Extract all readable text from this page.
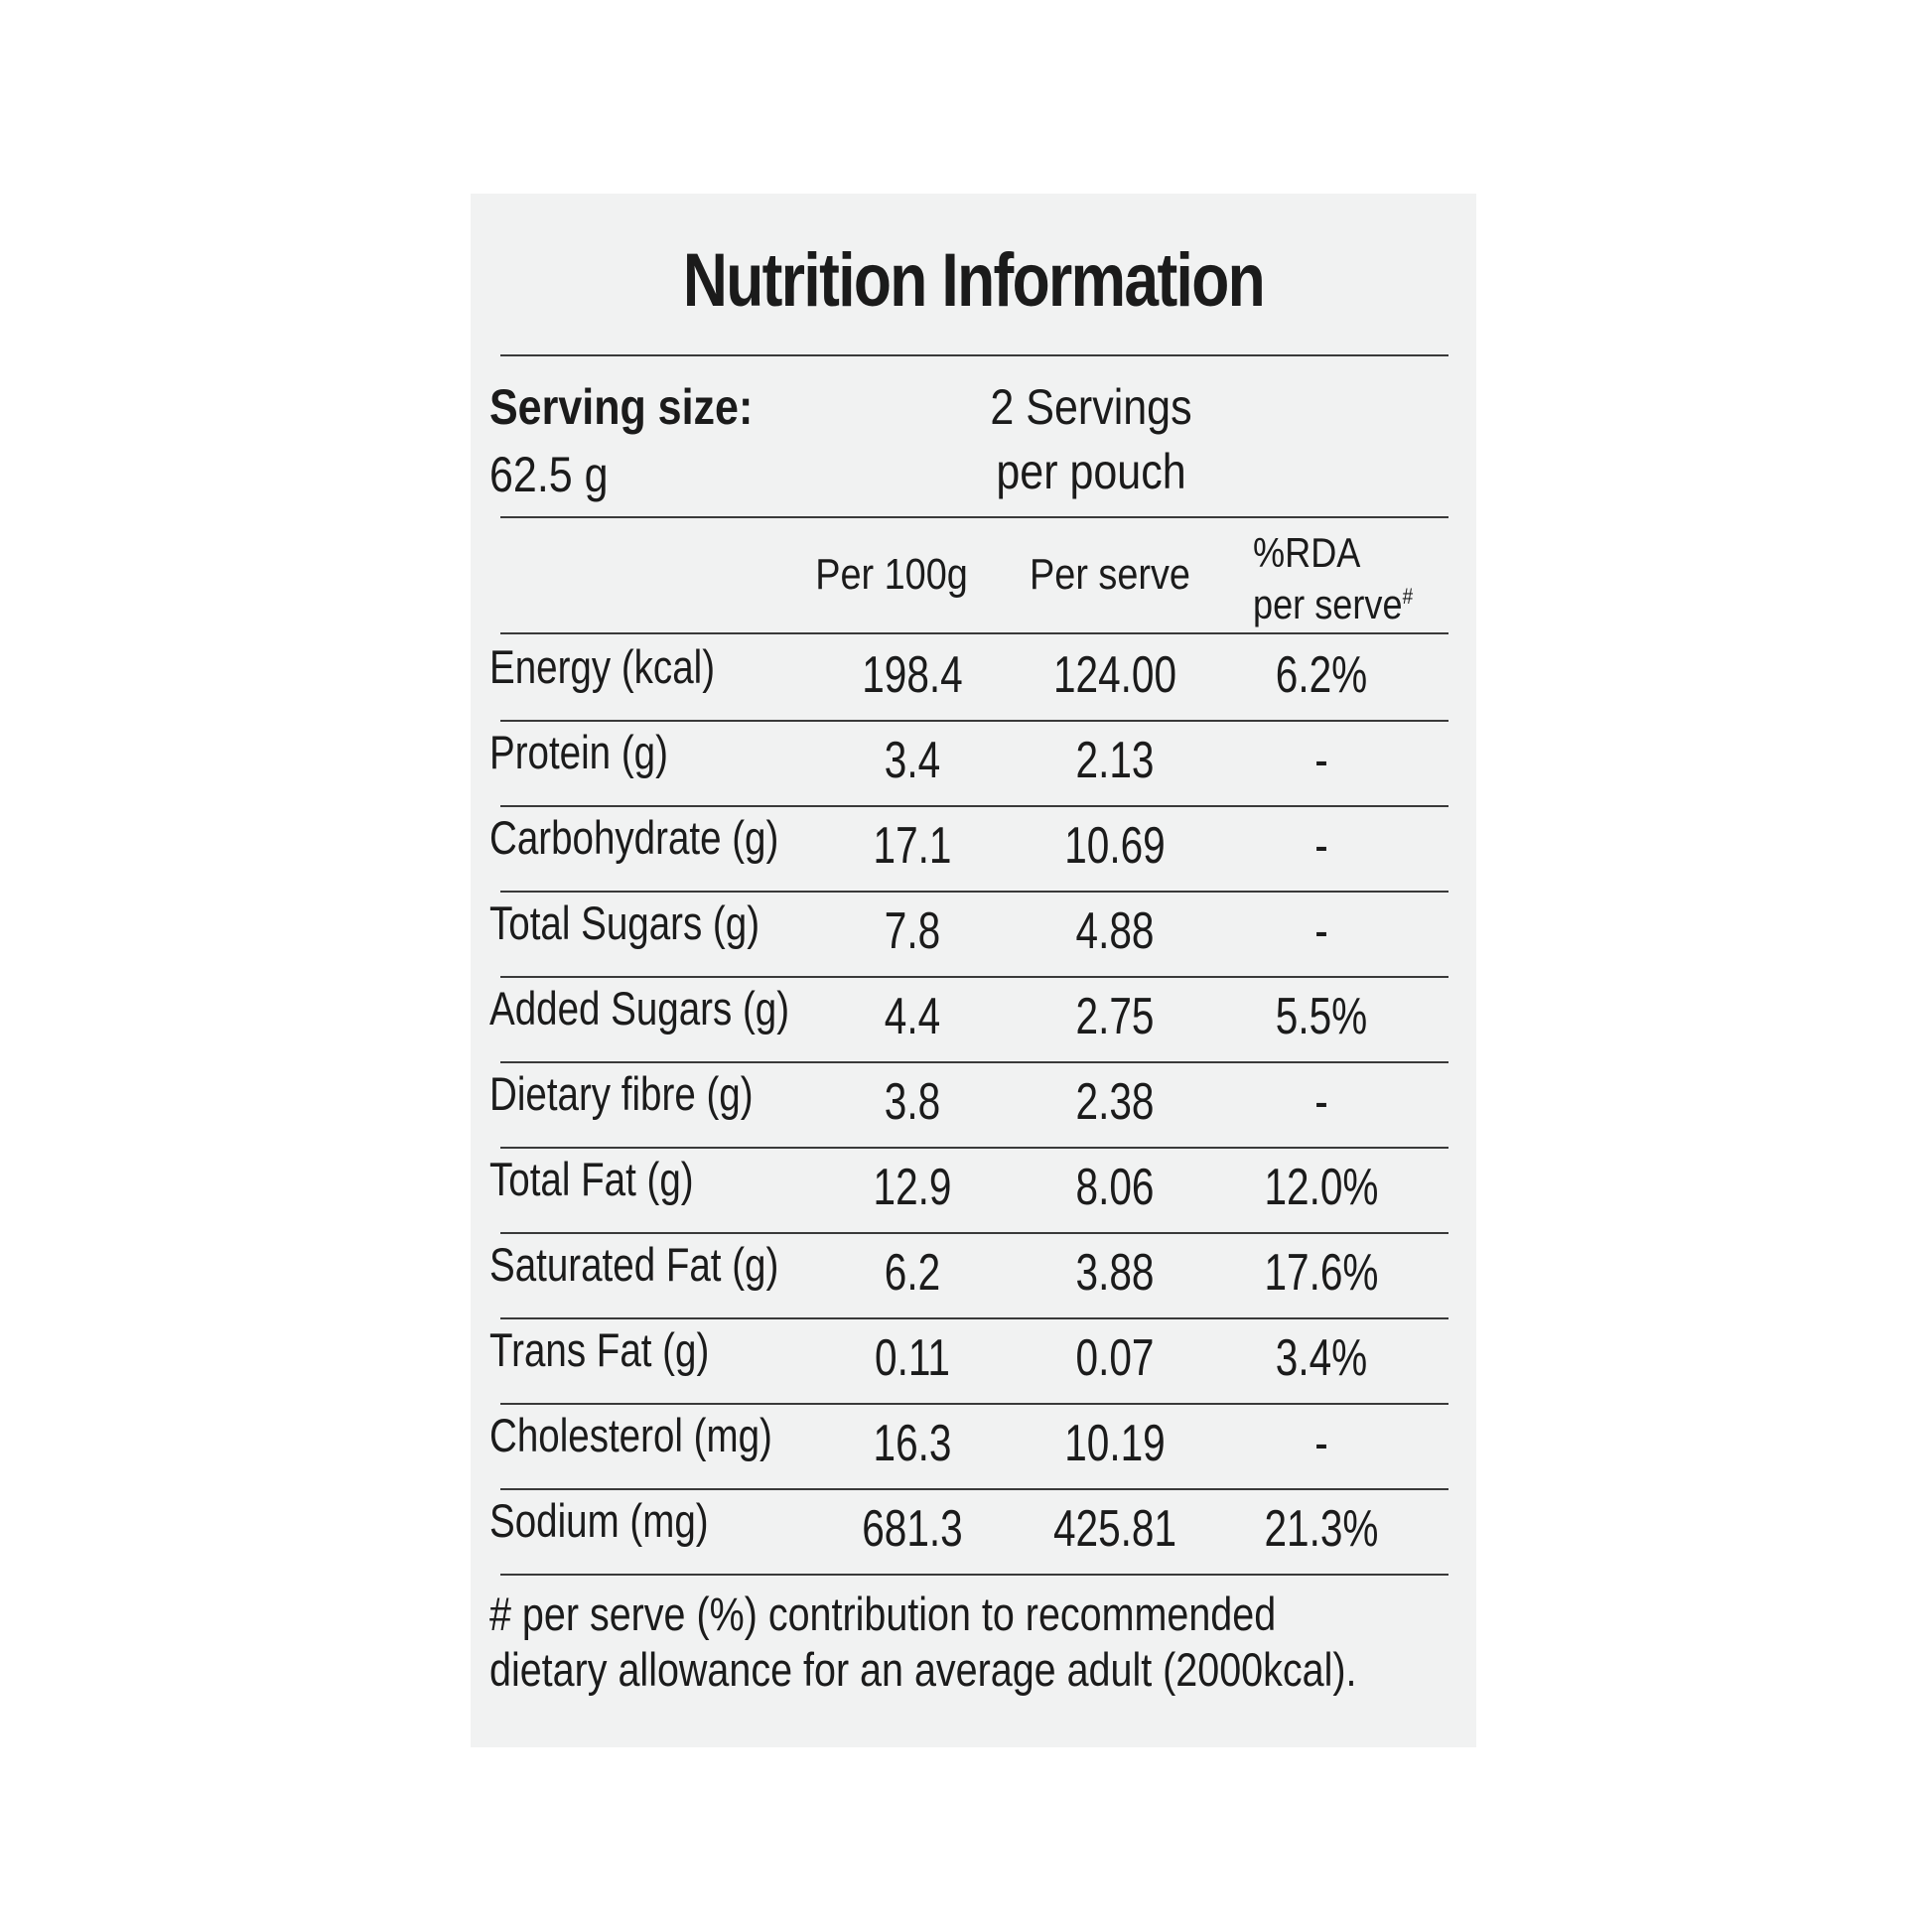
Nutrition Information
Serving size:
62.5 g
2 Servings
per pouch
Per 100g Per serve %RDA
per serve#
Energy (kcal)	198.4 124.00 6.2%
Protein (g)	3.4	2.13	-
Carbohydrate (g) 17.1 10.69	-
Total Sugars (g) 7.8	4.88	-
Added Sugars (g) 4.4	2.75 5.5%
Dietary fibre (g)	3.8	2.38	-
Total Fat (g)	12.9 8.06 12.0%
Saturated Fat (g) 6.2	3.88 17.6%
Trans Fat (g)	0.11 0.07 3.4%
Cholesterol (mg) 16.3 10.19	-
Sodium (mg)	681.3 425.81 21.3%
# per serve (%) contribution to recommended
dietary allowance for an average adult (2000kcal).
